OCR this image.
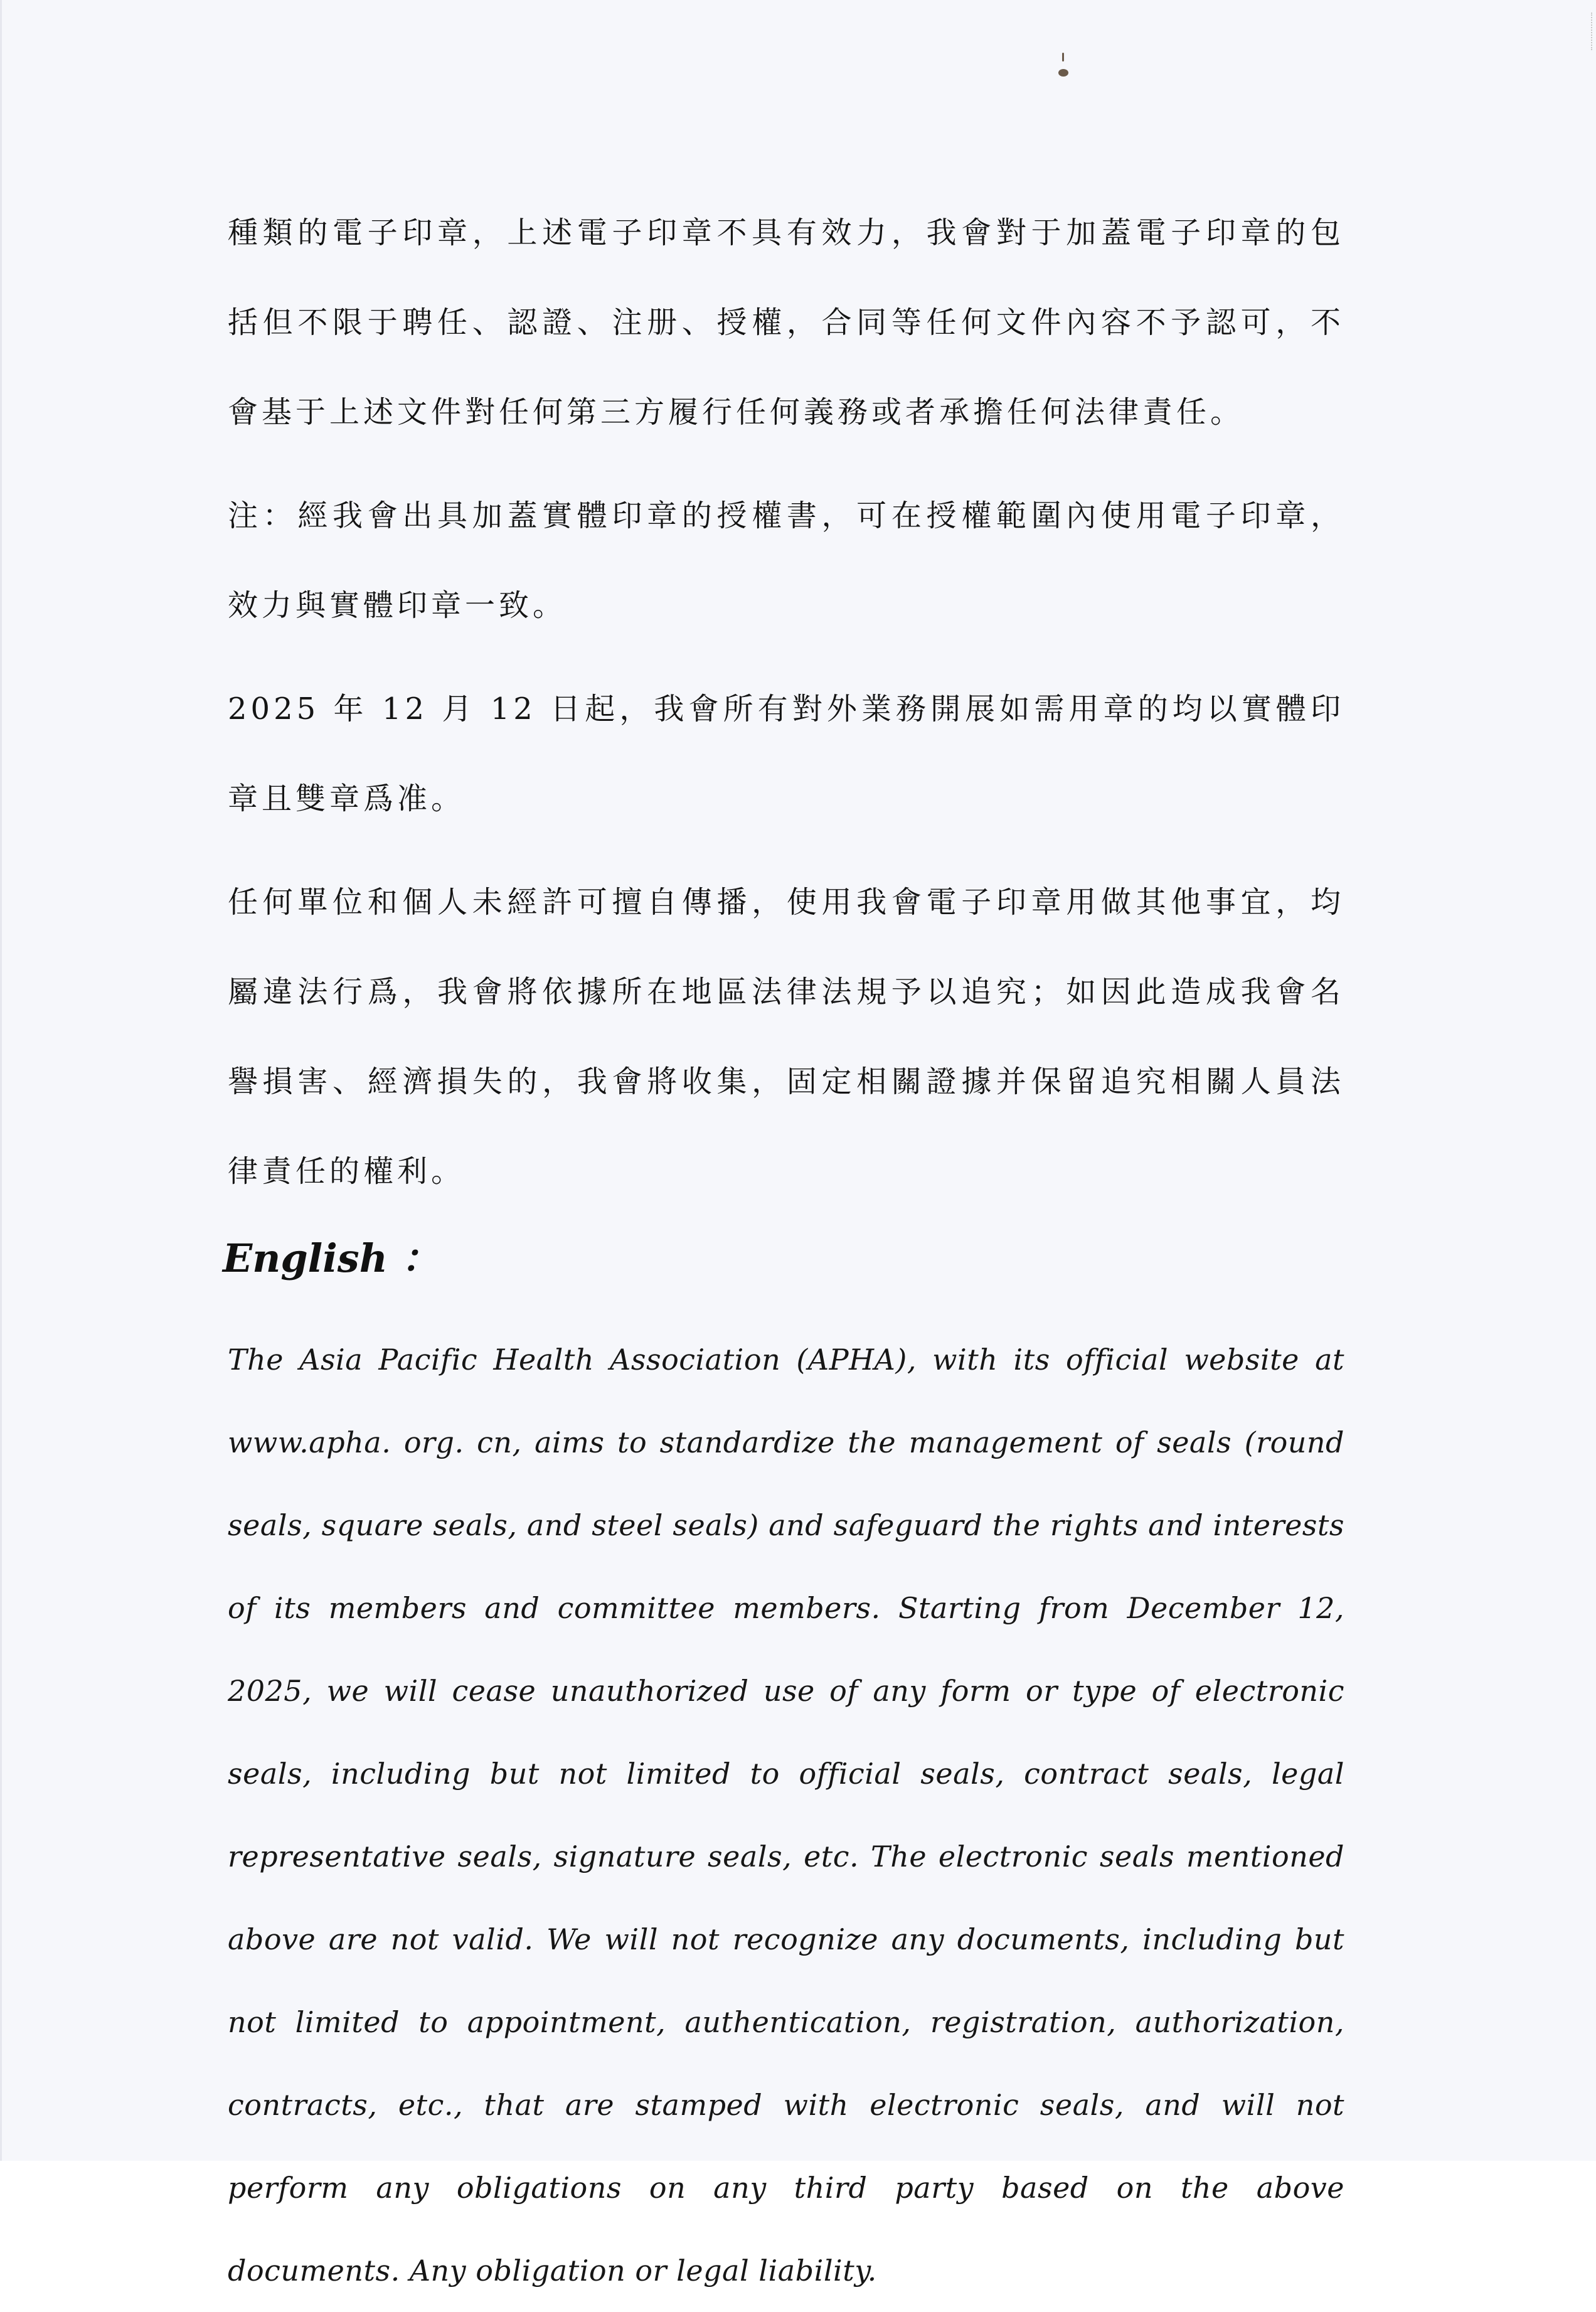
種類的電子印章，上述電子印章不具有效力，我會對于加蓋電子印章的包括但不限于聘任、認證、注册、授權，合同等任何文件內容不予認可，不會基于上述文件對任何第三方履行任何義務或者承擔任何法律責任。

注：經我會出具加蓋實體印章的授權書，可在授權範圍內使用電子印章，效力與實體印章一致。

2025 年 12 月 12 日起，我會所有對外業務開展如需用章的均以實體印章且雙章爲准。

任何單位和個人未經許可擅自傳播，使用我會電子印章用做其他事宜，均屬違法行爲，我會將依據所在地區法律法規予以追究；如因此造成我會名譽損害、經濟損失的，我會將收集，固定相關證據并保留追究相關人員法律責任的權利。

English ：

The Asia Pacific Health Association (APHA), with its official website at www.apha. org. cn, aims to standardize the management of seals (round seals, square seals, and steel seals) and safeguard the rights and interests of its members and committee members. Starting from December 12, 2025, we will cease unauthorized use of any form or type of electronic seals, including but not limited to official seals, contract seals, legal representative seals, signature seals, etc. The electronic seals mentioned above are not valid. We will not recognize any documents, including but not limited to appointment, authentication, registration, authorization, contracts, etc., that are stamped with electronic seals, and will not perform any obligations on any third party based on the above documents. Any obligation or legal liability.
